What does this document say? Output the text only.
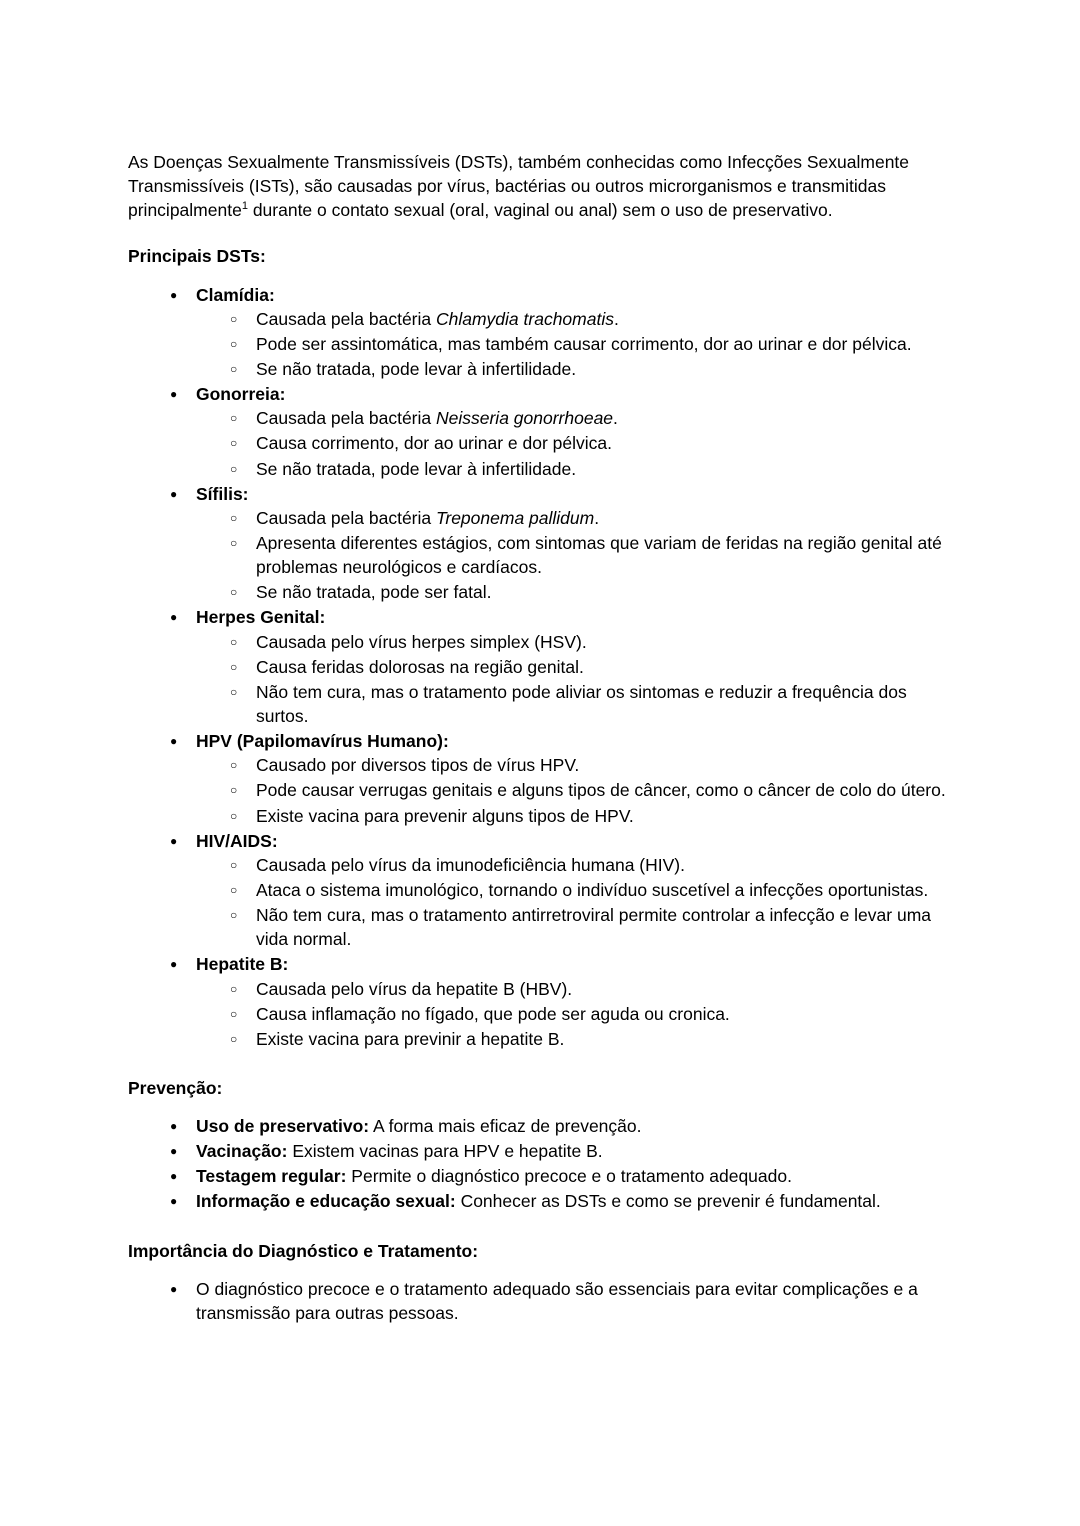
As Doenças Sexualmente Transmissíveis (DSTs), também conhecidas como Infecções Sexualmente Transmissíveis (ISTs), são causadas por vírus, bactérias ou outros microrganismos e transmitidas principalmente$^1$ durante o contato sexual (oral, vaginal ou anal) sem o uso de preservativo.

Principais DSTs:
● Clamídia:
○ Causada pela bactéria Chlamydia trachomatis.
○ Pode ser assintomática, mas também causar corrimento, dor ao urinar e dor pélvica.
○ Se não tratada, pode levar à infertilidade.
● Gonorreia:
○ Causada pela bactéria Neisseria gonorrhoeae.
○ Causa corrimento, dor ao urinar e dor pélvica.
○ Se não tratada, pode levar à infertilidade.
● Sífilis:
○ Causada pela bactéria Treponema pallidum.
○ Apresenta diferentes estágios, com sintomas que variam de feridas na região genital até problemas neurológicos e cardíacos.
○ Se não tratada, pode ser fatal.
● Herpes Genital:
○ Causada pelo vírus herpes simplex (HSV).
○ Causa feridas dolorosas na região genital.
○ Não tem cura, mas o tratamento pode aliviar os sintomas e reduzir a frequência dos surtos.
● HPV (Papilomavírus Humano):
○ Causado por diversos tipos de vírus HPV.
○ Pode causar verrugas genitais e alguns tipos de câncer, como o câncer de colo do útero.
○ Existe vacina para prevenir alguns tipos de HPV.
● HIV/AIDS:
○ Causada pelo vírus da imunodeficiência humana (HIV).
○ Ataca o sistema imunológico, tornando o indivíduo suscetível a infecções oportunistas.
○ Não tem cura, mas o tratamento antirretroviral permite controlar a infecção e levar uma vida normal.
● Hepatite B:
○ Causada pelo vírus da hepatite B (HBV).
○ Causa inflamação no fígado, que pode ser aguda ou cronica.
○ Existe vacina para previnir a hepatite B.
Prevenção:
● Uso de preservativo: A forma mais eficaz de prevenção.
● Vacinação: Existem vacinas para HPV e hepatite B.
● Testagem regular: Permite o diagnóstico precoce e o tratamento adequado.
● Informação e educação sexual: Conhecer as DSTs e como se prevenir é fundamental.
Importância do Diagnóstico e Tratamento:
● O diagnóstico precoce e o tratamento adequado são essenciais para evitar complicações e a transmissão para outras pessoas.
